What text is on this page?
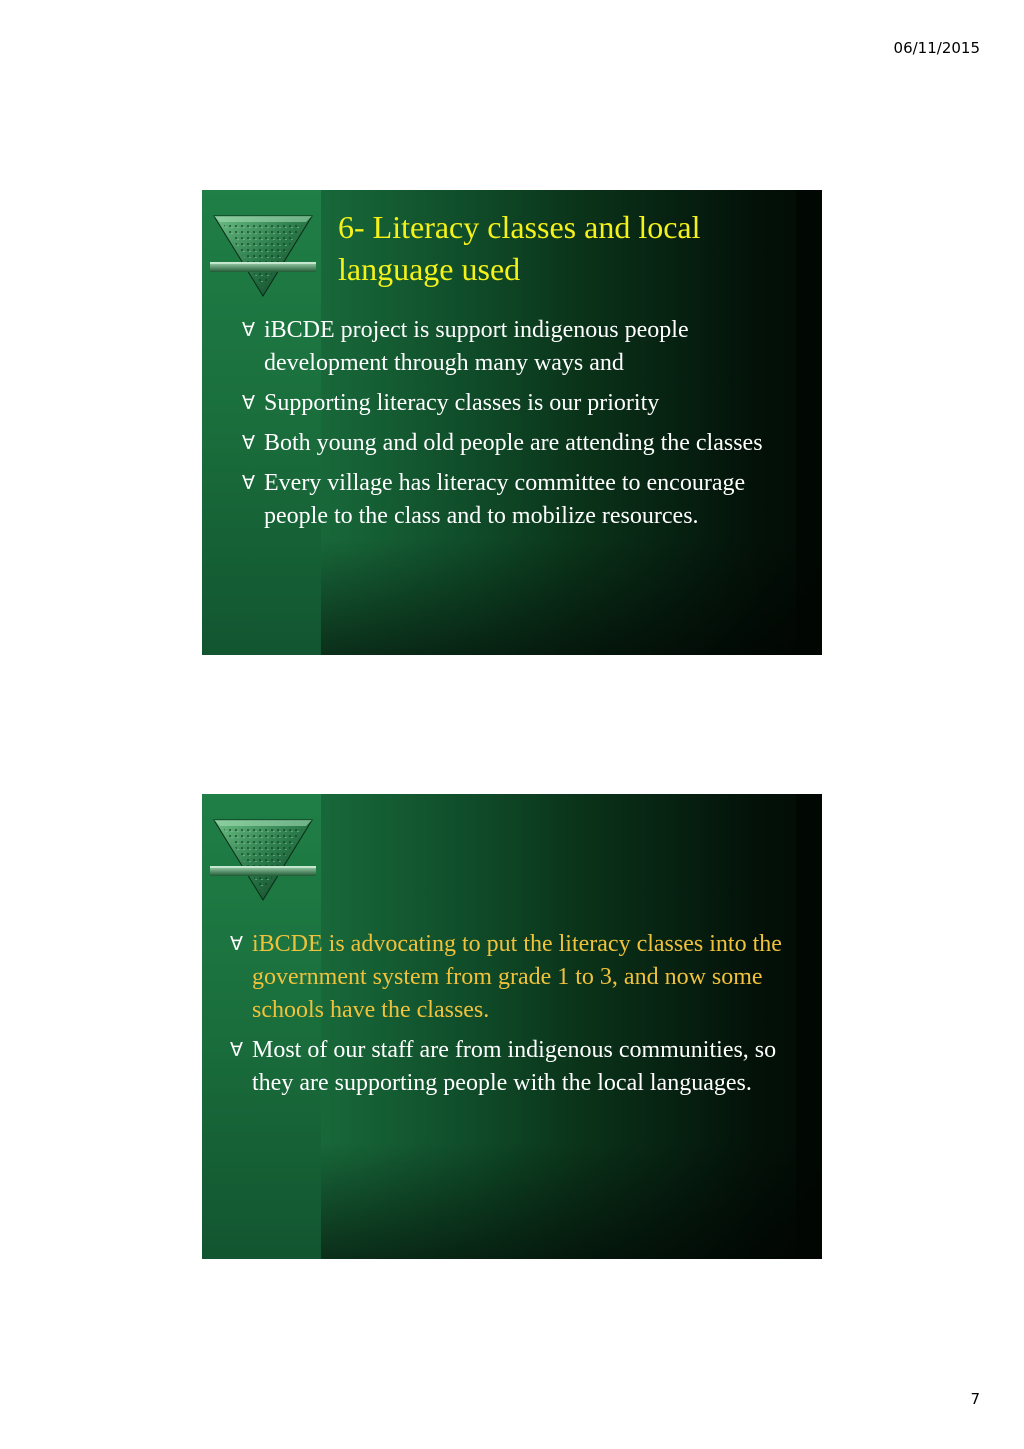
06/11/2015
6- Literacy classes and local language used
∀ iBCDE project is support indigenous people development through many ways and
∀ Supporting literacy classes is our priority
∀ Both young and old people are attending the classes
∀ Every village has literacy committee to encourage people to the class and to mobilize resources.
∀ iBCDE is advocating to put the literacy classes into the government system from grade 1 to 3, and now some schools have the classes.
∀ Most of our staff are from indigenous communities, so they are supporting people with the local languages.
7
